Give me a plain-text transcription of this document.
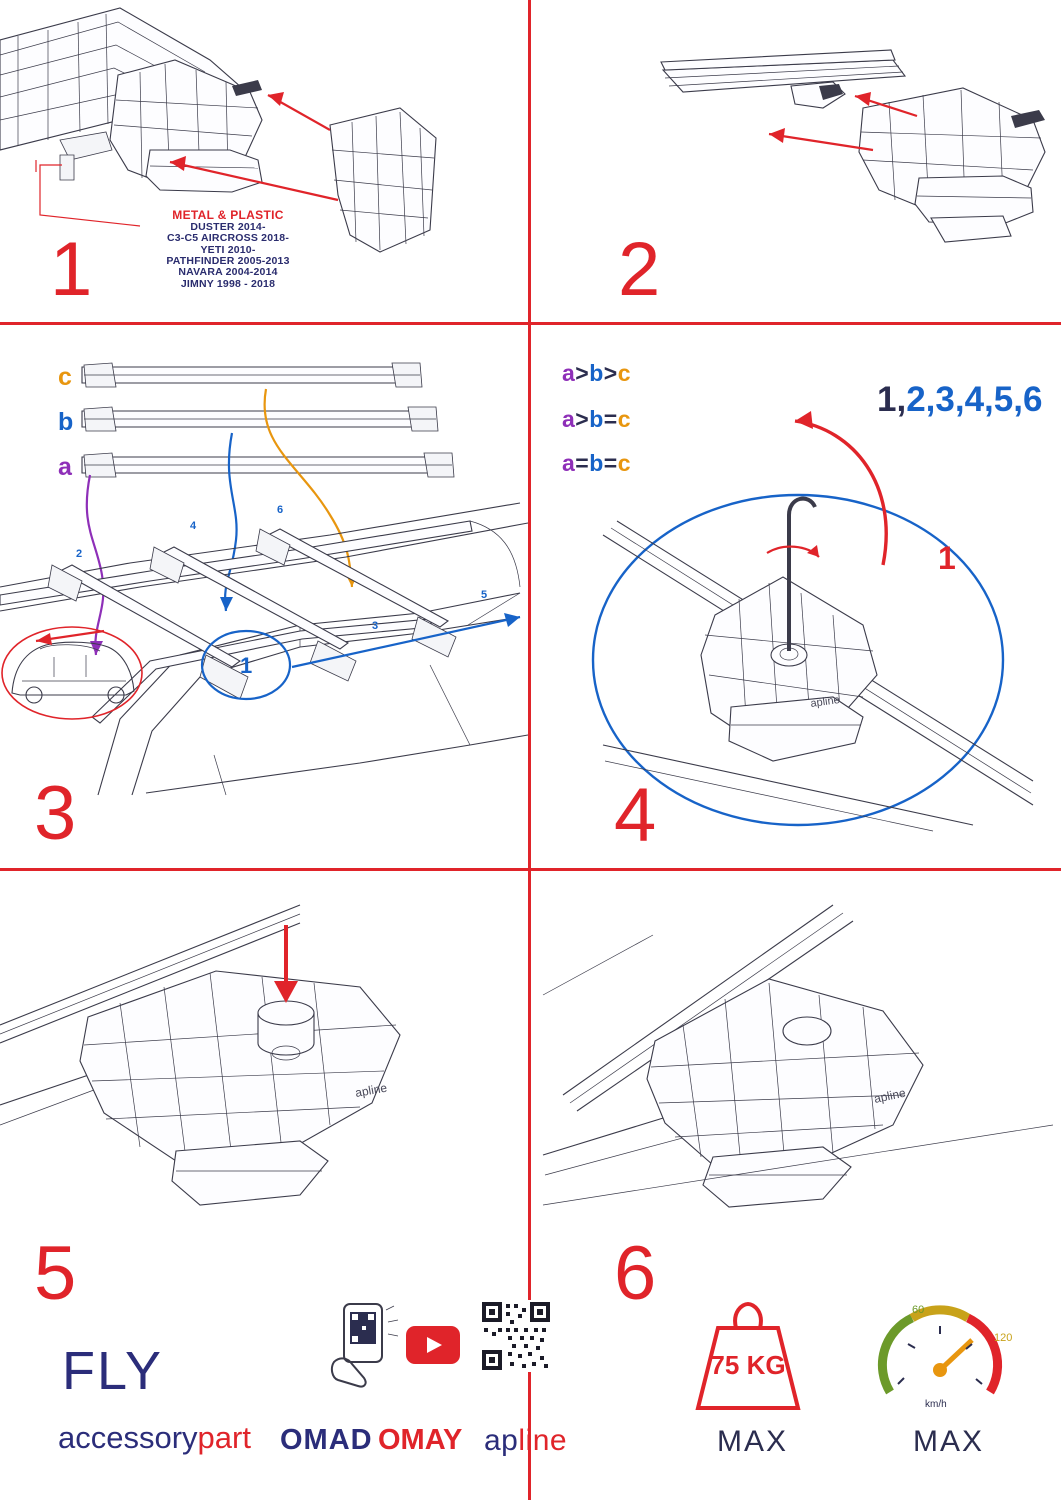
METAL & PLASTIC
DUSTER 2014-
C3-C5 AIRCROSS 2018-
YETI 2010-
PATHFINDER 2005-2013
NAVARA 2004-2014
JIMNY 1998 - 2018
1	2
c
b
a
a>b>c
a>b=c
a=b=c
2
4
6
3
5
1
3
apline
1,2,3,4,5,6
1
4
apline
5
FLY
accessorypart OMAD OMAY apline
apline
6
75 KG
MAX
60
120
km/h
MAX
